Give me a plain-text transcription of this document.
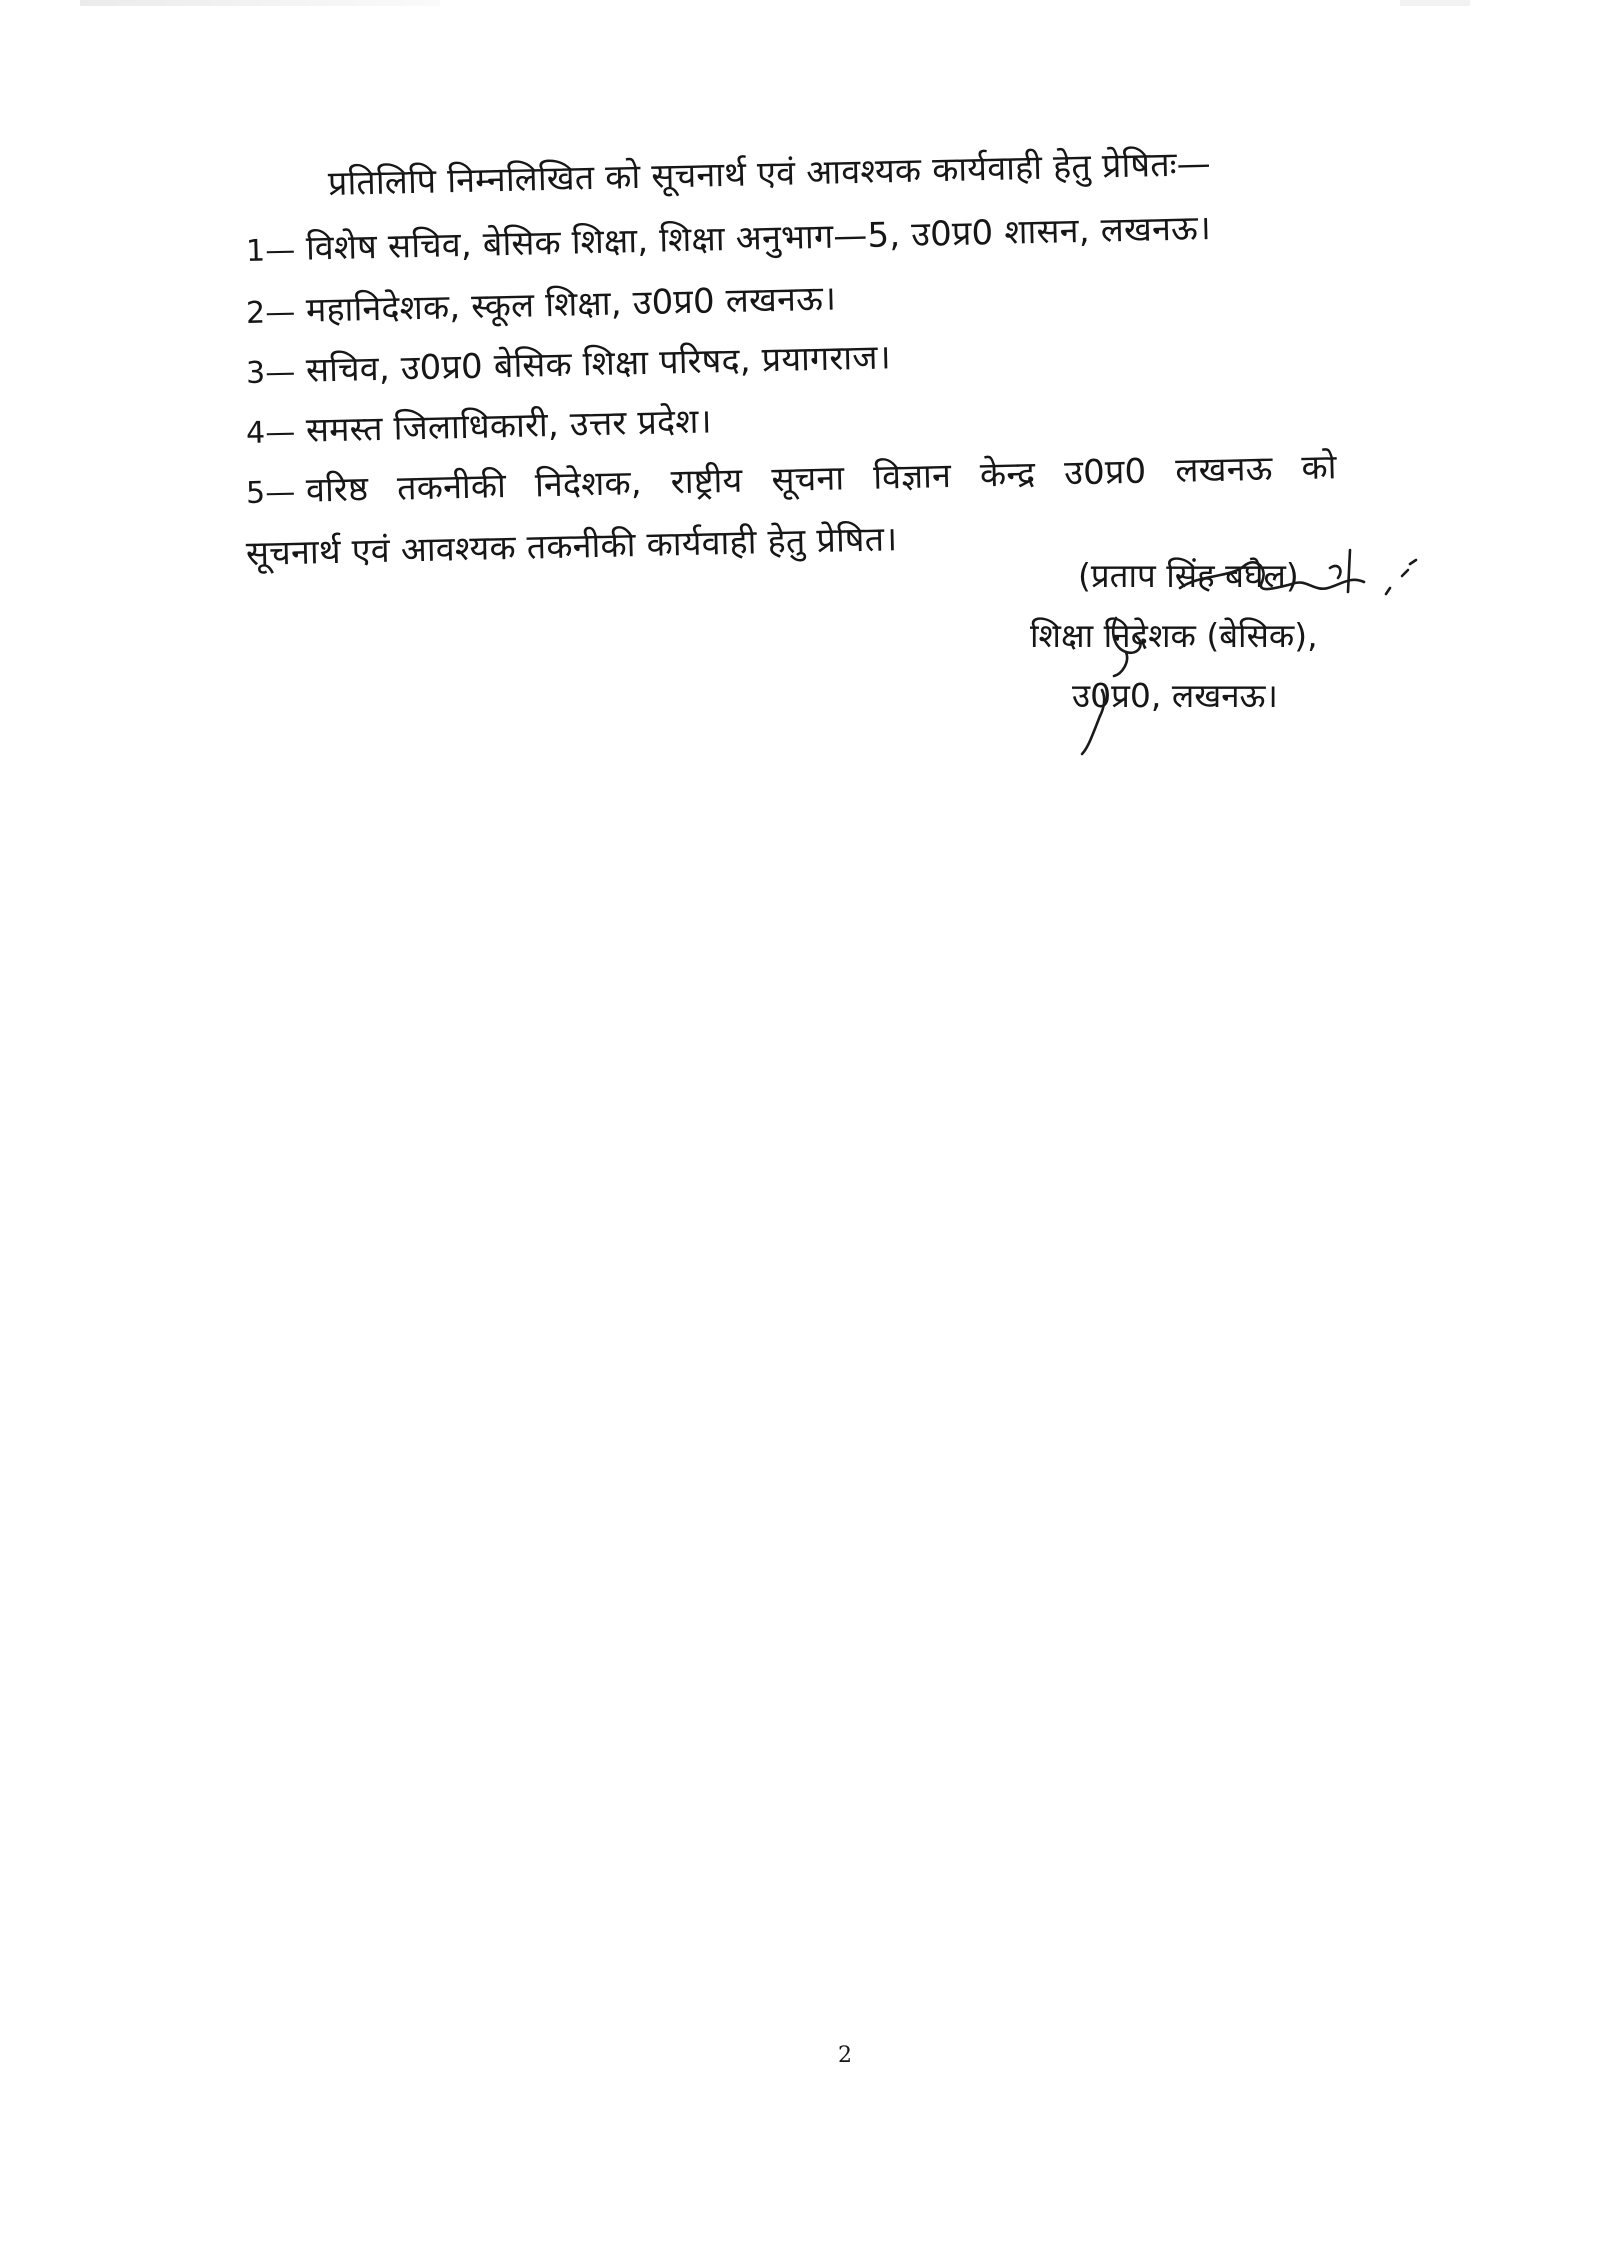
प्रतिलिपि निम्नलिखित को सूचनार्थ एवं आवश्यक कार्यवाही हेतु प्रेषितः—
1— विशेष सचिव, बेसिक शिक्षा, शिक्षा अनुभाग—5, उ0प्र0 शासन, लखनऊ।
2— महानिदेशक, स्कूल शिक्षा, उ0प्र0 लखनऊ।
3— सचिव, उ0प्र0 बेसिक शिक्षा परिषद, प्रयागराज।
4— समस्त जिलाधिकारी, उत्तर प्रदेश।
5— वरिष्ठ तकनीकी निदेशक, राष्ट्रीय सूचना विज्ञान केन्द्र उ0प्र0 लखनऊ को
सूचनार्थ एवं आवश्यक तकनीकी कार्यवाही हेतु प्रेषित।
(प्रताप सिंह बघेल)
शिक्षा निदेशक (बेसिक),
उ0प्र0, लखनऊ।
2
